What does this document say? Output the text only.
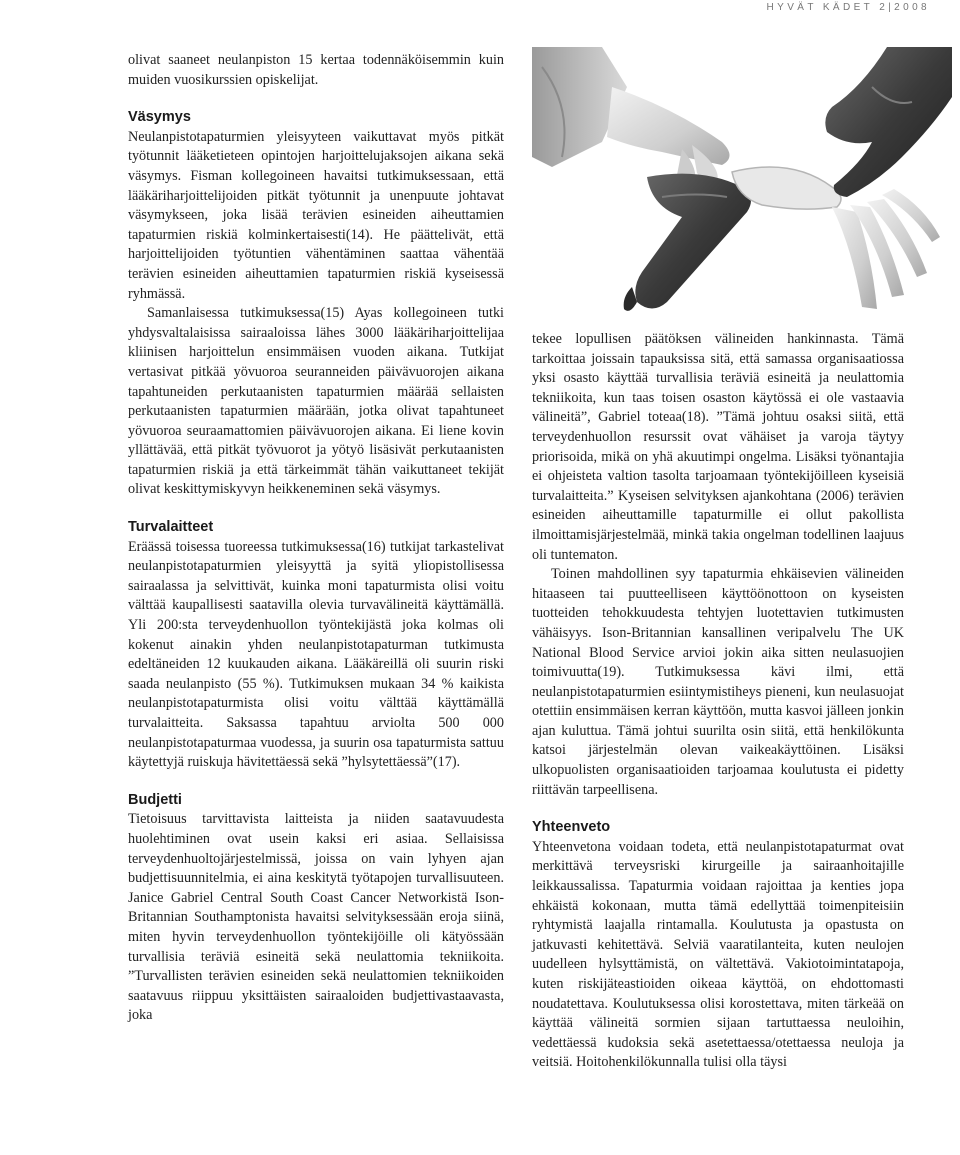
HYVÄT KÄDET 2|2008

olivat saaneet neulanpiston 15 kertaa todennäköisemmin kuin muiden vuosikurssien opiskelijat.

Väsymys

Neulanpistotapaturmien yleisyyteen vaikuttavat myös pitkät työtunnit lääketieteen opintojen harjoittelujaksojen aikana sekä väsymys. Fisman kollegoineen havaitsi tutkimuksessaan, että lääkäriharjoittelijoiden pitkät työtunnit ja unenpuute johtavat väsymykseen, joka lisää terävien esineiden aiheuttamien tapaturmien riskiä kolminkertaisesti(14). He päättelivät, että harjoittelijoiden työtuntien vähentäminen saattaa vähentää terävien esineiden aiheuttamien tapaturmien riskiä kyseisessä ryhmässä.

Samanlaisessa tutkimuksessa(15) Ayas kollegoineen tutki yhdysvaltalaisissa sairaaloissa lähes 3000 lääkäriharjoittelijaa kliinisen harjoittelun ensimmäisen vuoden aikana. Tutkijat vertasivat pitkää yövuoroa seuranneiden päivävuorojen aikana tapahtuneiden perkutaanisten tapaturmien määrää sellaisten perkutaanisten tapaturmien määrään, jotka olivat tapahtuneet yövuoroa seuraamattomien päivävuorojen aikana. Ei liene kovin yllättävää, että pitkät työvuorot ja yötyö lisäsivät perkutaanisten tapaturmien riskiä ja että tärkeimmät tähän vaikuttaneet tekijät olivat keskittymiskyvyn heikkeneminen sekä väsymys.

Turvalaitteet

Eräässä toisessa tuoreessa tutkimuksessa(16) tutkijat tarkastelivat neulanpistotapaturmien yleisyyttä ja syitä yliopistollisessa sairaalassa ja selvittivät, kuinka moni tapaturmista olisi voitu välttää kaupallisesti saatavilla olevia turvavälineitä käyttämällä. Yli 200:sta terveydenhuollon työntekijästä joka kolmas oli kokenut ainakin yhden neulanpistotapaturman tutkimusta edeltäneiden 12 kuukauden aikana. Lääkäreillä oli suurin riski saada neulanpisto (55 %). Tutkimuksen mukaan 34 % kaikista neulanpistotapaturmista olisi voitu välttää käyttämällä turvalaitteita. Saksassa tapahtuu arviolta 500 000 neulanpistotapaturmaa vuodessa, ja suurin osa tapaturmista sattuu käytettyjä ruiskuja hävitettäessä sekä ”hylsytettäessä”(17).

Budjetti

Tietoisuus tarvittavista laitteista ja niiden saatavuudesta huolehtiminen ovat usein kaksi eri asiaa. Sellaisissa terveydenhuoltojärjestelmissä, joissa on vain lyhyen ajan budjettisuunnitelmia, ei aina keskitytä työtapojen turvallisuuteen. Janice Gabriel Central South Coast Cancer Networkistä Ison-Britannian Southamptonista havaitsi selvityksessään eroja siinä, miten hyvin terveydenhuollon työntekijöille oli kätyössään turvallisia teräviä esineitä sekä neulattomia tekniikoita. ”Turvallisten terävien esineiden sekä neulattomien tekniikoiden saatavuus riippuu yksittäisten sairaaloiden budjettivastaavasta, joka

tekee lopullisen päätöksen välineiden hankinnasta. Tämä tarkoittaa joissain tapauksissa sitä, että samassa organisaatiossa yksi osasto käyttää turvallisia teräviä esineitä ja neulattomia tekniikoita, kun taas toisen osaston käytössä ei ole vastaavia välineitä”, Gabriel toteaa(18). ”Tämä johtuu osaksi siitä, että terveydenhuollon resurssit ovat vähäiset ja varoja täytyy priorisoida, mikä on yhä akuutimpi ongelma. Lisäksi työnantajia ei ohjeisteta valtion tasolta tarjoamaan työntekijöilleen kyseisiä turvalaitteita.” Kyseisen selvityksen ajankohtana (2006) terävien esineiden aiheuttamille tapaturmille ei ollut pakollista ilmoittamisjärjestelmää, minkä takia ongelman todellinen laajuus oli tuntematon.

Toinen mahdollinen syy tapaturmia ehkäisevien välineiden hitaaseen tai puutteelliseen käyttöönottoon on kyseisten tuotteiden tehokkuudesta tehtyjen luotettavien tutkimusten vähäisyys. Ison-Britannian kansallinen veripalvelu The UK National Blood Service arvioi jokin aika sitten neulasuojien toimivuutta(19). Tutkimuksessa kävi ilmi, että neulanpistotapaturmien esiintymistiheys pieneni, kun neulasuojat otettiin ensimmäisen kerran käyttöön, mutta kasvoi jälleen jonkin ajan kuluttua. Tämä johtui suurilta osin siitä, että henkilökunta katsoi järjestelmän olevan vaikeakäyttöinen. Lisäksi ulkopuolisten organisaatioiden tarjoamaa koulutusta ei pidetty riittävän tarpeellisena.

Yhteenveto

Yhteenvetona voidaan todeta, että neulanpistotapaturmat ovat merkittävä terveysriski kirurgeille ja sairaanhoitajille leikkaussalissa. Tapaturmia voidaan rajoittaa ja kenties jopa ehkäistä kokonaan, mutta tämä edellyttää toimenpiteisiin ryhtymistä laajalla rintamalla. Koulutusta ja opastusta on jatkuvasti kehitettävä. Selviä vaaratilanteita, kuten neulojen uudelleen hylsyttämistä, on vältettävä. Vakiotoimintatapoja, kuten riskijäteastioiden oikeaa käyttöä, on ehdottomasti noudatettava. Koulutuksessa olisi korostettava, miten tärkeää on käyttää välineitä sormien sijaan tartuttaessa neuloihin, vedettäessä kudoksia sekä asetettaessa/otettaessa neuloja ja veitsiä. Hoitohenkilökunnalla tulisi olla täysi
